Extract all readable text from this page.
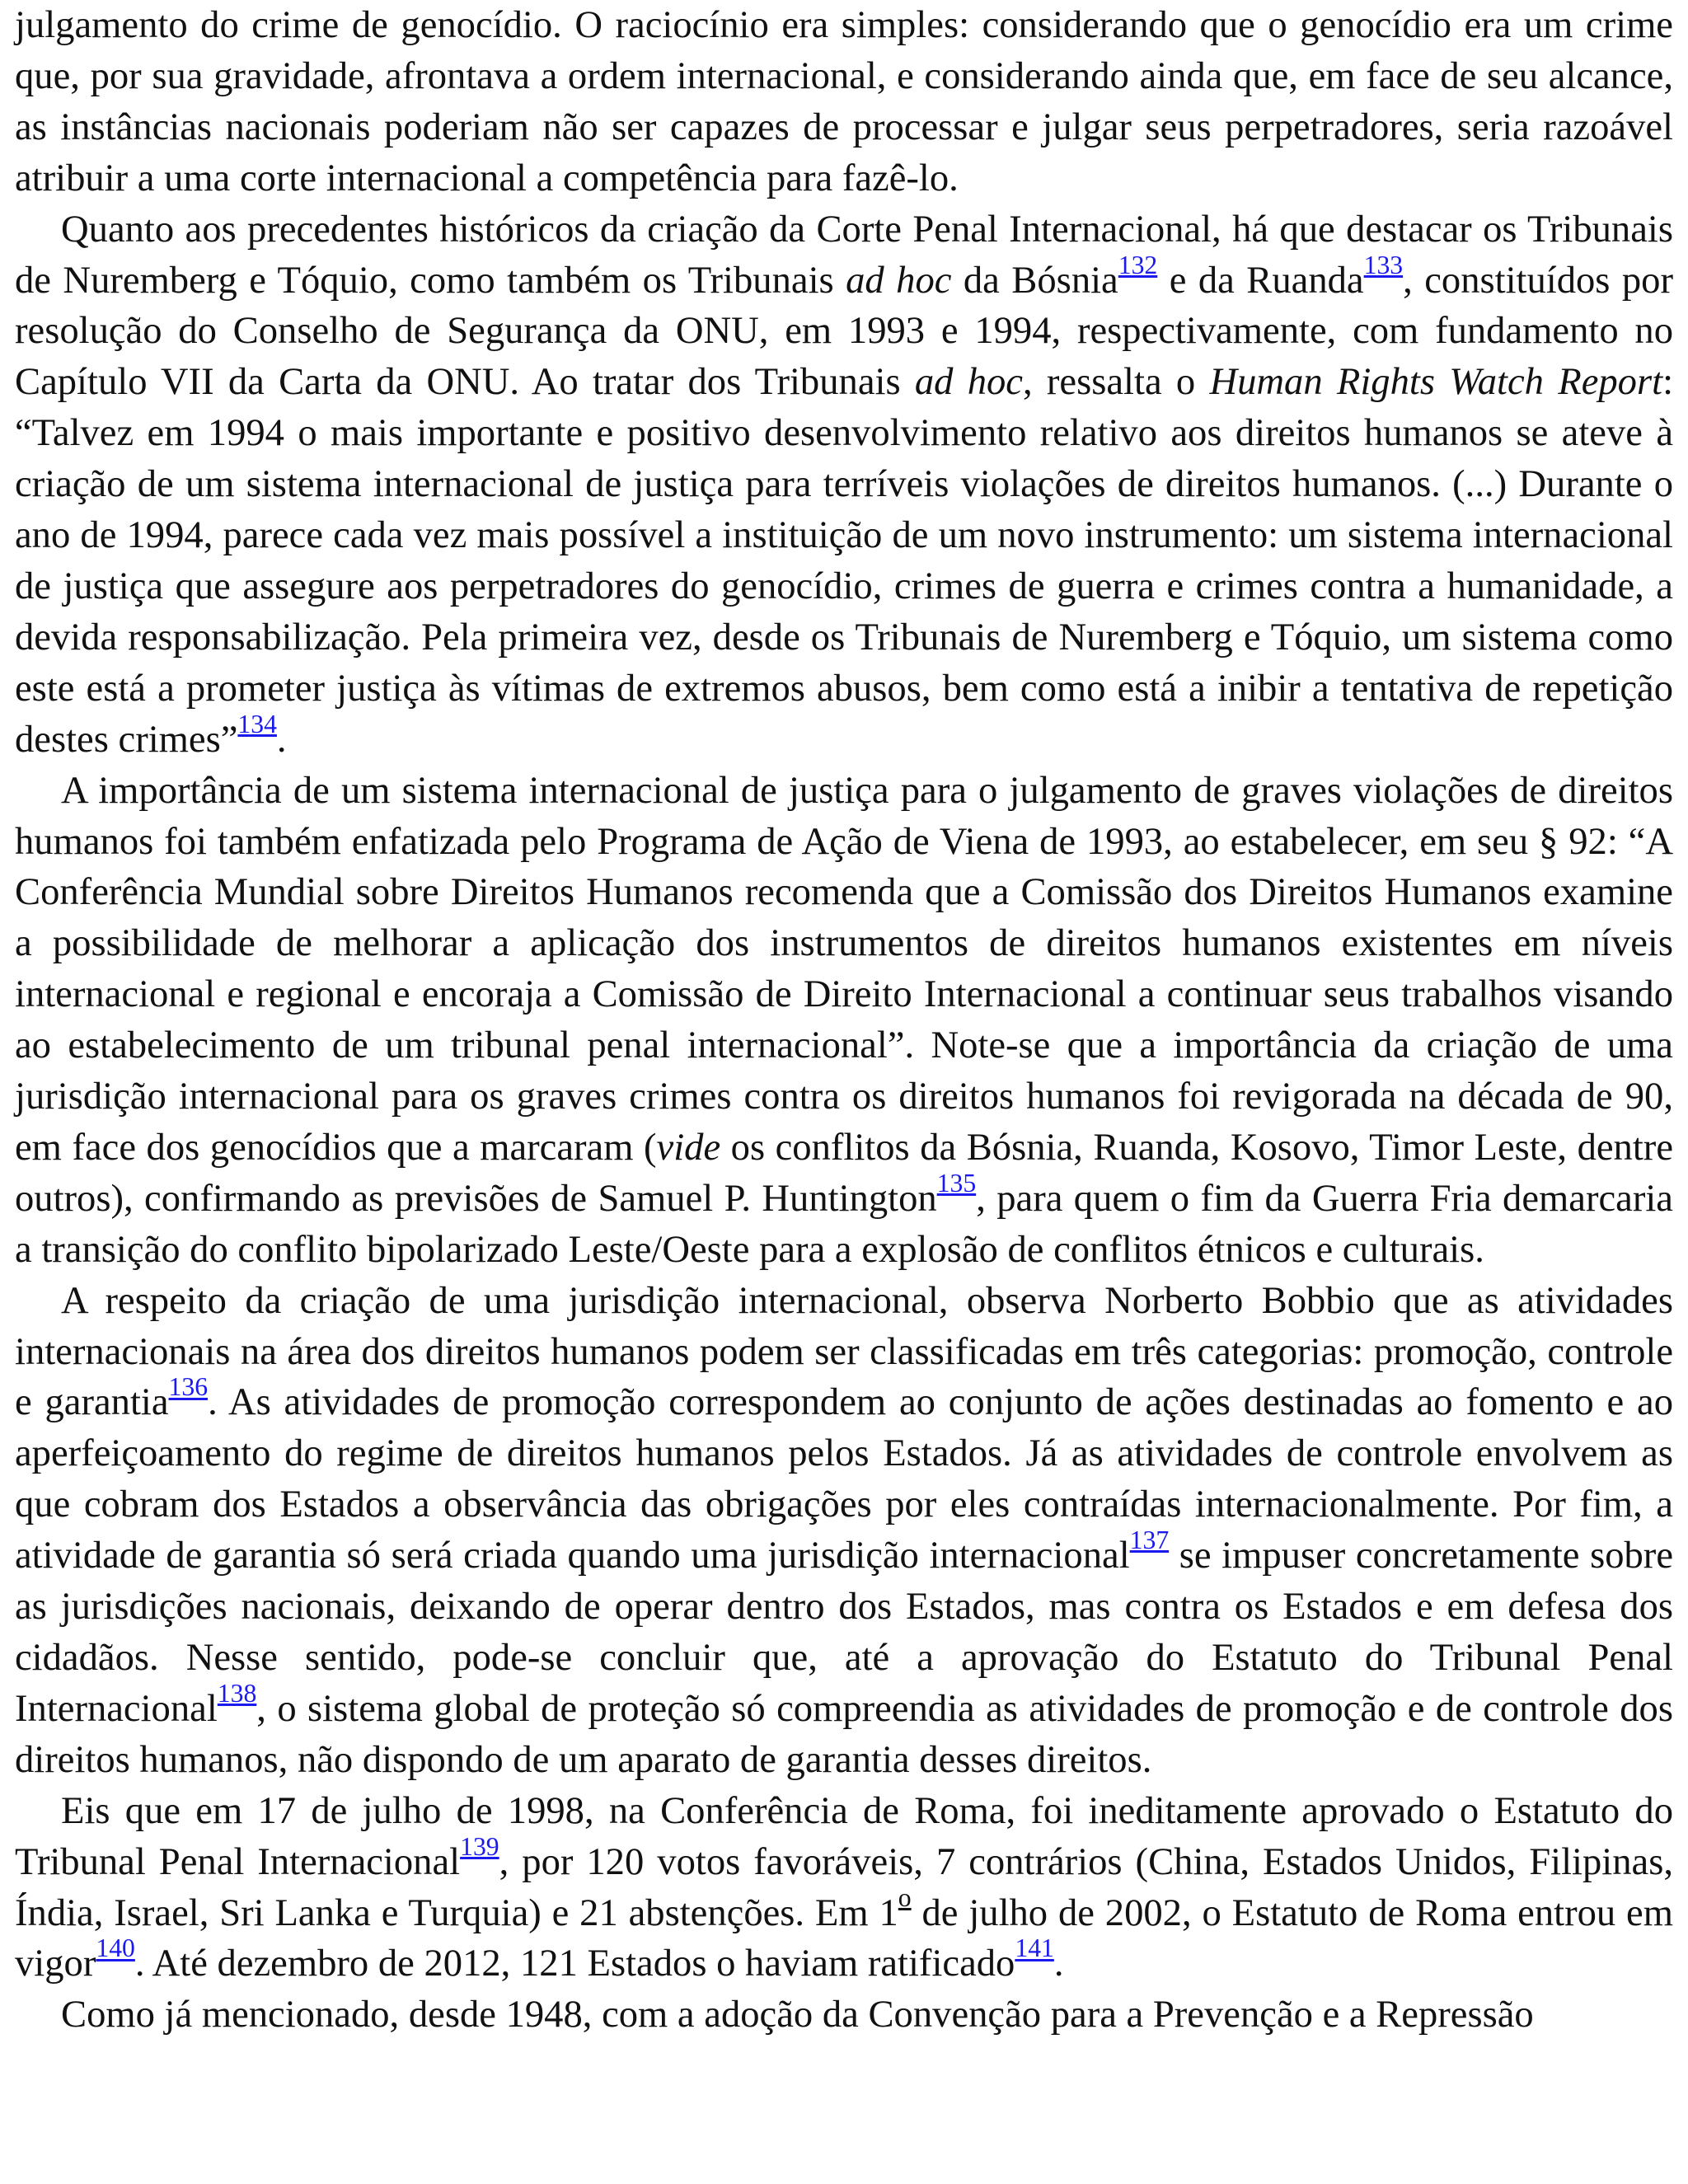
julgamento do crime de genocídio. O raciocínio era simples: considerando que o genocídio era um crime que, por sua gravidade, afrontava a ordem internacional, e considerando ainda que, em face de seu alcance, as instâncias nacionais poderiam não ser capazes de processar e julgar seus perpetradores, seria razoável atribuir a uma corte internacional a competência para fazê-lo.

Quanto aos precedentes históricos da criação da Corte Penal Internacional, há que destacar os Tribunais de Nuremberg e Tóquio, como também os Tribunais ad hoc da Bósnia$^{132}$ e da Ruanda$^{133}$, constituídos por resolução do Conselho de Segurança da ONU, em 1993 e 1994, respectivamente, com fundamento no Capítulo VII da Carta da ONU. Ao tratar dos Tribunais ad hoc, ressalta o Human Rights Watch Report: “Talvez em 1994 o mais importante e positivo desenvolvimento relativo aos direitos humanos se ateve à criação de um sistema internacional de justiça para terríveis violações de direitos humanos. (...) Durante o ano de 1994, parece cada vez mais possível a instituição de um novo instrumento: um sistema internacional de justiça que assegure aos perpetradores do genocídio, crimes de guerra e crimes contra a humanidade, a devida responsabilização. Pela primeira vez, desde os Tribunais de Nuremberg e Tóquio, um sistema como este está a prometer justiça às vítimas de extremos abusos, bem como está a inibir a tentativa de repetição destes crimes”$^{134}$.

A importância de um sistema internacional de justiça para o julgamento de graves violações de direitos humanos foi também enfatizada pelo Programa de Ação de Viena de 1993, ao estabelecer, em seu § 92: “A Conferência Mundial sobre Direitos Humanos recomenda que a Comissão dos Direitos Humanos examine a possibilidade de melhorar a aplicação dos instrumentos de direitos humanos existentes em níveis internacional e regional e encoraja a Comissão de Direito Internacional a continuar seus trabalhos visando ao estabelecimento de um tribunal penal internacional”. Note-se que a importância da criação de uma jurisdição internacional para os graves crimes contra os direitos humanos foi revigorada na década de 90, em face dos genocídios que a marcaram (vide os conflitos da Bósnia, Ruanda, Kosovo, Timor Leste, dentre outros), confirmando as previsões de Samuel P. Huntington$^{135}$, para quem o fim da Guerra Fria demarcaria a transição do conflito bipolarizado Leste/Oeste para a explosão de conflitos étnicos e culturais.

A respeito da criação de uma jurisdição internacional, observa Norberto Bobbio que as atividades internacionais na área dos direitos humanos podem ser classificadas em três categorias: promoção, controle e garantia$^{136}$. As atividades de promoção correspondem ao conjunto de ações destinadas ao fomento e ao aperfeiçoamento do regime de direitos humanos pelos Estados. Já as atividades de controle envolvem as que cobram dos Estados a observância das obrigações por eles contraídas internacionalmente. Por fim, a atividade de garantia só será criada quando uma jurisdição internacional$^{137}$ se impuser concretamente sobre as jurisdições nacionais, deixando de operar dentro dos Estados, mas contra os Estados e em defesa dos cidadãos. Nesse sentido, pode-se concluir que, até a aprovação do Estatuto do Tribunal Penal Internacional$^{138}$, o sistema global de proteção só compreendia as atividades de promoção e de controle dos direitos humanos, não dispondo de um aparato de garantia desses direitos.

Eis que em 17 de julho de 1998, na Conferência de Roma, foi ineditamente aprovado o Estatuto do Tribunal Penal Internacional$^{139}$, por 120 votos favoráveis, 7 contrários (China, Estados Unidos, Filipinas, Índia, Israel, Sri Lanka e Turquia) e 21 abstenções. Em 1$^o$ de julho de 2002, o Estatuto de Roma entrou em vigor$^{140}$. Até dezembro de 2012, 121 Estados o haviam ratificado$^{141}$.

Como já mencionado, desde 1948, com a adoção da Convenção para a Prevenção e a Repressão
